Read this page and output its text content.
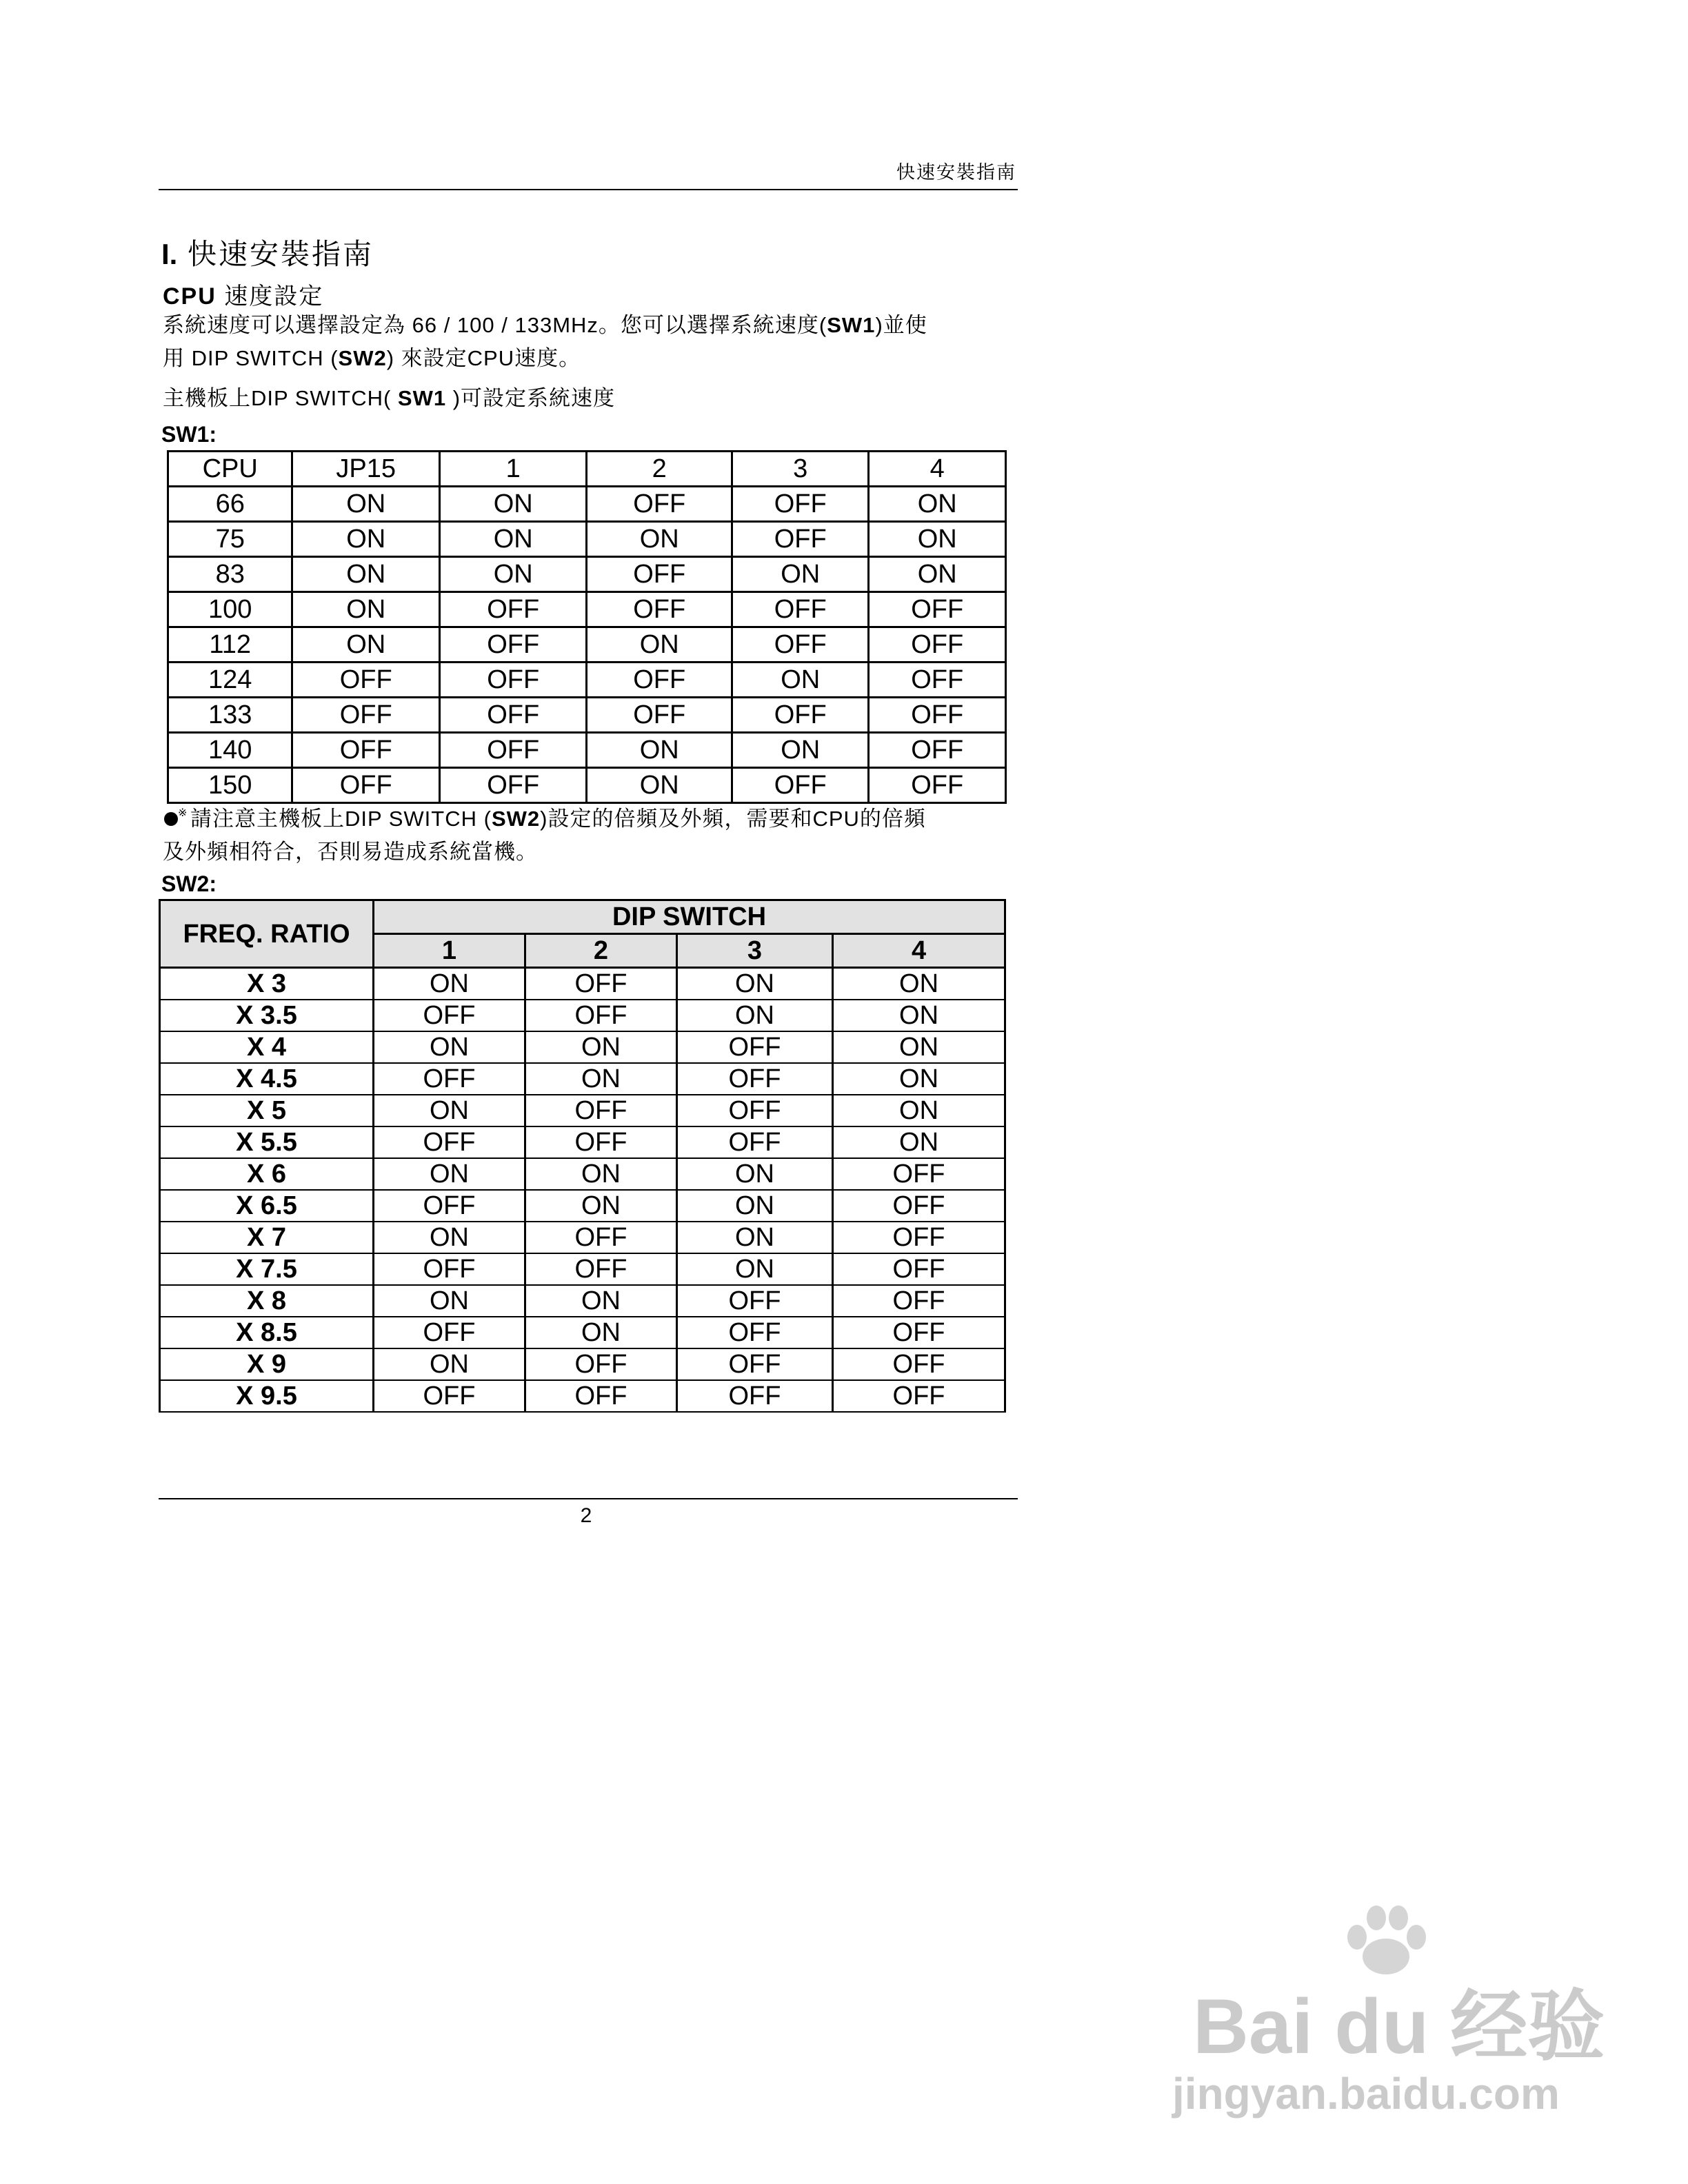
快速安裝指南
I. 快速安裝指南
CPU 速度設定
系統速度可以選擇設定為 66 / 100 / 133MHz。您可以選擇系統速度(SW1)並使
用 DIP SWITCH (SW2) 來設定CPU速度。
主機板上DIP SWITCH( SW1 )可設定系統速度
SW1:
CPU	JP15	1	2	3	4
66	ON	ON	OFF	OFF	ON
75	ON	ON	ON	OFF	ON
83	ON	ON	OFF	ON	ON
100	ON	OFF	OFF	OFF	OFF
112	ON	OFF	ON	OFF	OFF
124	OFF	OFF	OFF	ON	OFF
133	OFF	OFF	OFF	OFF	OFF
140	OFF	OFF	ON	ON	OFF
150	OFF	OFF	ON	OFF	OFF
※ 請注意主機板上DIP SWITCH (SW2)設定的倍頻及外頻，需要和CPU的倍頻
及外頻相符合，否則易造成系統當機。
SW2:
FREQ. RATIO	DIP SWITCH			
	1	2	3	4
X 3	ON	OFF	ON	ON
X 3.5	OFF	OFF	ON	ON
X 4	ON	ON	OFF	ON
X 4.5	OFF	ON	OFF	ON
X 5	ON	OFF	OFF	ON
X 5.5	OFF	OFF	OFF	ON
X 6	ON	ON	ON	OFF
X 6.5	OFF	ON	ON	OFF
X 7	ON	OFF	ON	OFF
X 7.5	OFF	OFF	ON	OFF
X 8	ON	ON	OFF	OFF
X 8.5	OFF	ON	OFF	OFF
X 9	ON	OFF	OFF	OFF
X 9.5	OFF	OFF	OFF	OFF
2
Bai du 经验
jingyan.baidu.com
